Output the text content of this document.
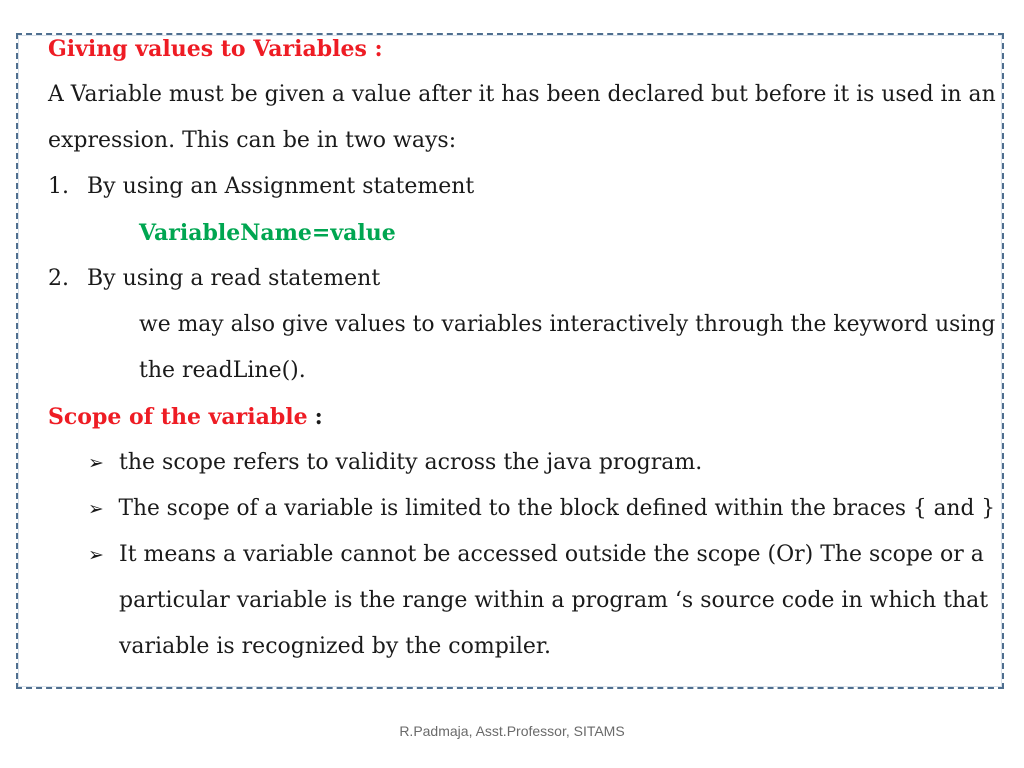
Giving values to Variables :
A Variable must be given a value after it has been declared but before it is used in an
expression. This can be in two ways:
1. By using an Assignment statement
VariableName=value
2. By using a read statement
we may also give values to variables interactively through the keyword using
the readLine().
Scope of the variable :
➢ the scope refers to validity across the java program.
➢ The scope of a variable is limited to the block defined within the braces { and }
➢ It means a variable cannot be accessed outside the scope (Or) The scope or a
particular variable is the range within a program ‘s source code in which that
variable is recognized by the compiler.
R.Padmaja, Asst.Professor, SITAMS
